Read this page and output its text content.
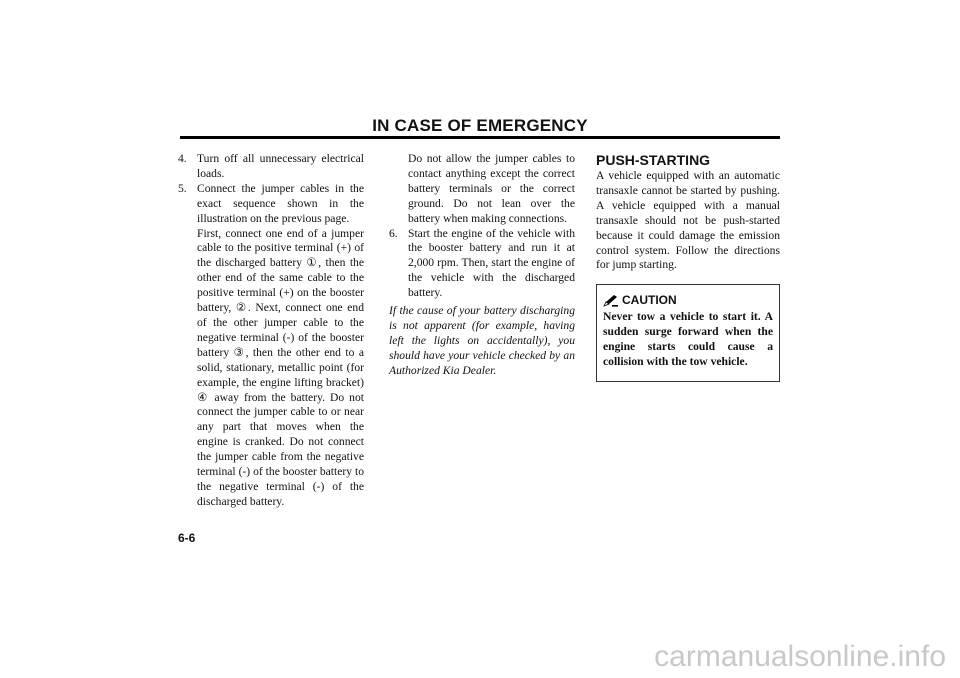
IN CASE OF EMERGENCY
4. Turn off all unnecessary electrical loads.

5. Connect the jumper cables in the exact sequence shown in the illustration on the previous page.

First, connect one end of a jumper cable to the positive terminal (+) of the discharged battery ①, then the other end of the same cable to the positive terminal (+) on the booster battery, ②. Next, connect one end of the other jumper cable to the negative terminal (-) of the booster battery ③, then the other end to a solid, stationary, metallic point (for example, the engine lifting bracket) ④ away from the battery. Do not connect the jumper cable to or near any part that moves when the engine is cranked. Do not connect the jumper cable from the negative terminal (-) of the booster battery to the negative terminal (-) of the discharged battery.

Do not allow the jumper cables to contact anything except the correct battery terminals or the correct ground. Do not lean over the battery when making connections.

6. Start the engine of the vehicle with the booster battery and run it at 2,000 rpm. Then, start the engine of the vehicle with the discharged battery.

If the cause of your battery discharging is not apparent (for example, having left the lights on accidentally), you should have your vehicle checked by an Authorized Kia Dealer.

PUSH-STARTING

A vehicle equipped with an automatic transaxle cannot be started by pushing. A vehicle equipped with a manual transaxle should not be push-started because it could damage the emission control system. Follow the directions for jump starting.

CAUTION

Never tow a vehicle to start it. A sudden surge forward when the engine starts could cause a collision with the tow vehicle.

6-6
carmanualsonline.info
